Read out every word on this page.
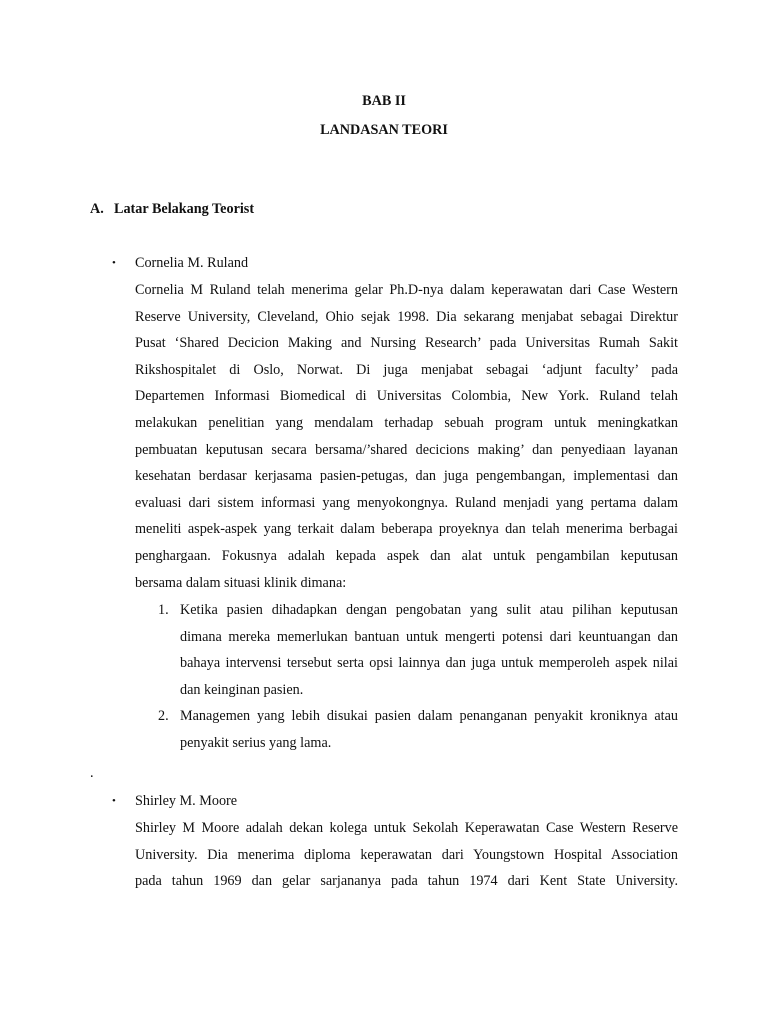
BAB II
LANDASAN TEORI
A. Latar Belakang Teorist
• Cornelia M. Ruland
Cornelia M Ruland telah menerima gelar Ph.D-nya dalam keperawatan dari Case Western
Reserve University, Cleveland, Ohio sejak 1998. Dia sekarang menjabat sebagai Direktur
Pusat ‘Shared Decicion Making and Nursing Research’ pada Universitas Rumah Sakit
Rikshospitalet di Oslo, Norwat. Di juga menjabat sebagai ‘adjunt faculty’ pada
Departemen Informasi Biomedical di Universitas Colombia, New York. Ruland telah
melakukan penelitian yang mendalam terhadap sebuah program untuk meningkatkan
pembuatan keputusan secara bersama/’shared decicions making’ dan penyediaan layanan
kesehatan berdasar kerjasama pasien-petugas, dan juga pengembangan, implementasi dan
evaluasi dari sistem informasi yang menyokongnya. Ruland menjadi yang pertama dalam
meneliti aspek-aspek yang terkait dalam beberapa proyeknya dan telah menerima berbagai
penghargaan. Fokusnya adalah kepada aspek dan alat untuk pengambilan keputusan
bersama dalam situasi klinik dimana:
1. Ketika pasien dihadapkan dengan pengobatan yang sulit atau pilihan keputusan
dimana mereka memerlukan bantuan untuk mengerti potensi dari keuntuangan dan
bahaya intervensi tersebut serta opsi lainnya dan juga untuk memperoleh aspek nilai
dan keinginan pasien.
2. Managemen yang lebih disukai pasien dalam penanganan penyakit kroniknya atau
penyakit serius yang lama.
.
• Shirley M. Moore
Shirley M Moore adalah dekan kolega untuk Sekolah Keperawatan Case Western Reserve
University. Dia menerima diploma keperawatan dari Youngstown Hospital Association
pada tahun 1969 dan gelar sarjananya pada tahun 1974 dari Kent State University.
